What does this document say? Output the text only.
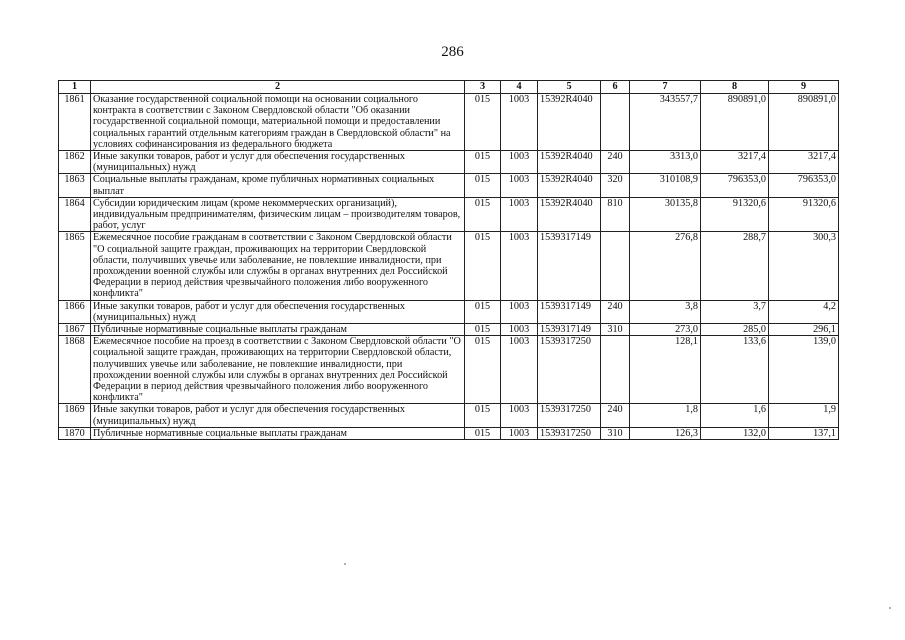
286
1	2	3	4	5	6	7	8	9
1861	Оказание государственной социальной помощи на основании социального контракта в соответствии с Законом Свердловской области "Об оказании государственной социальной помощи, материальной помощи и предоставлении социальных гарантий отдельным категориям граждан в Свердловской области" на условиях софинансирования из федерального бюджета	015	1003	15392R4040		343557,7	890891,0	890891,0
1862	Иные закупки товаров, работ и услуг для обеспечения государственных (муниципальных) нужд	015	1003	15392R4040	240	3313,0	3217,4	3217,4
1863	Социальные выплаты гражданам, кроме публичных нормативных социальных выплат	015	1003	15392R4040	320	310108,9	796353,0	796353,0
1864	Субсидии юридическим лицам (кроме некоммерческих организаций), индивидуальным предпринимателям, физическим лицам – производителям товаров, работ, услуг	015	1003	15392R4040	810	30135,8	91320,6	91320,6
1865	Ежемесячное пособие гражданам в соответствии с Законом Свердловской области "О социальной защите граждан, проживающих на территории Свердловской области, получивших увечье или заболевание, не повлекшие инвалидности, при прохождении военной службы или службы в органах внутренних дел Российской Федерации в период действия чрезвычайного положения либо вооруженного конфликта"	015	1003	1539317149		276,8	288,7	300,3
1866	Иные закупки товаров, работ и услуг для обеспечения государственных (муниципальных) нужд	015	1003	1539317149	240	3,8	3,7	4,2
1867	Публичные нормативные социальные выплаты гражданам	015	1003	1539317149	310	273,0	285,0	296,1
1868	Ежемесячное пособие на проезд в соответствии с Законом Свердловской области "О социальной защите граждан, проживающих на территории Свердловской области, получивших увечье или заболевание, не повлекшие инвалидности, при прохождении военной службы или службы в органах внутренних дел Российской Федерации в период действия чрезвычайного положения либо вооруженного конфликта"	015	1003	1539317250		128,1	133,6	139,0
1869	Иные закупки товаров, работ и услуг для обеспечения государственных (муниципальных) нужд	015	1003	1539317250	240	1,8	1,6	1,9
1870	Публичные нормативные социальные выплаты гражданам	015	1003	1539317250	310	126,3	132,0	137,1
